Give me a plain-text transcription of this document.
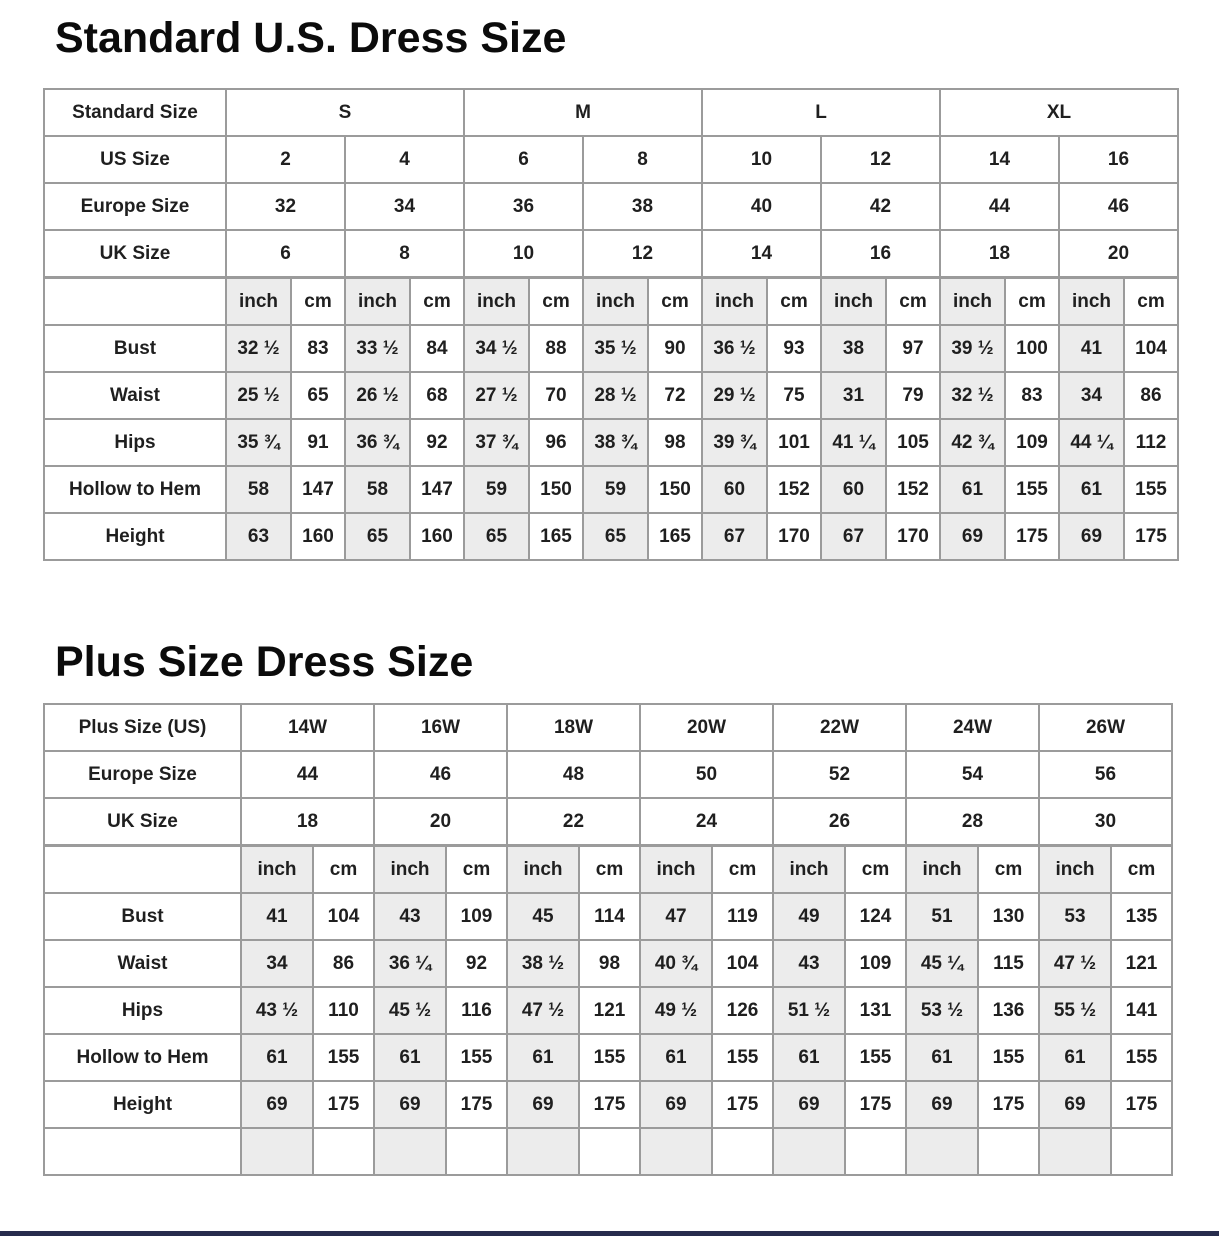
Standard U.S. Dress Size
Standard Size	S				M				L				XL			
US Size	2		4		6		8		10		12		14		16	
Europe Size	32		34		36		38		40		42		44		46	
UK Size	6		8		10		12		14		16		18		20	
	inch	cm	inch	cm	inch	cm	inch	cm	inch	cm	inch	cm	inch	cm	inch	cm
Bust	32 ½	83	33 ½	84	34 ½	88	35 ½	90	36 ½	93	38	97	39 ½	100	41	104
Waist	25 ½	65	26 ½	68	27 ½	70	28 ½	72	29 ½	75	31	79	32 ½	83	34	86
Hips	35 ¾	91	36 ¾	92	37 ¾	96	38 ¾	98	39 ¾	101	41 ¼	105	42 ¾	109	44 ¼	112
Hollow to Hem	58	147	58	147	59	150	59	150	60	152	60	152	61	155	61	155
Height	63	160	65	160	65	165	65	165	67	170	67	170	69	175	69	175
Plus Size Dress Size
Plus Size (US)	14W		16W		18W		20W		22W		24W		26W	
Europe Size	44		46		48		50		52		54		56	
UK Size	18		20		22		24		26		28		30	
	inch	cm	inch	cm	inch	cm	inch	cm	inch	cm	inch	cm	inch	cm
Bust	41	104	43	109	45	114	47	119	49	124	51	130	53	135
Waist	34	86	36 ¼	92	38 ½	98	40 ¾	104	43	109	45 ¼	115	47 ½	121
Hips	43 ½	110	45 ½	116	47 ½	121	49 ½	126	51 ½	131	53 ½	136	55 ½	141
Hollow to Hem	61	155	61	155	61	155	61	155	61	155	61	155	61	155
Height	69	175	69	175	69	175	69	175	69	175	69	175	69	175
